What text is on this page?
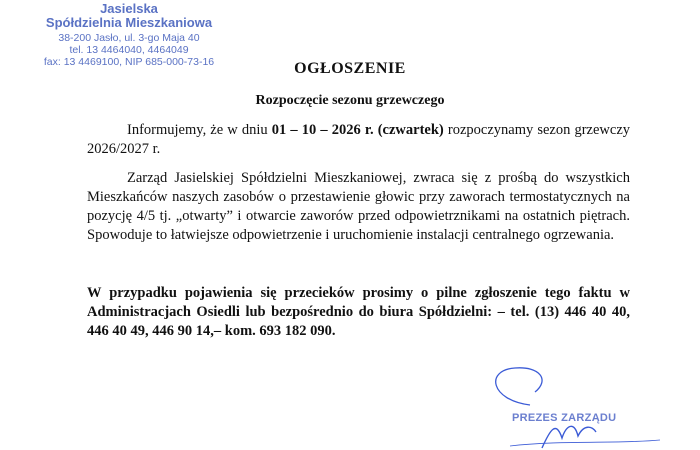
Jasielska
Spółdzielnia Mieszkaniowa
38-200 Jasło, ul. 3-go Maja 40
tel. 13 4464040, 4464049
fax: 13 4469100, NIP 685-000-73-16	OGŁOSZENIE
Rozpoczęcie sezonu grzewczego
Informujemy, że w dniu 01 – 10 – 2026 r. (czwartek) rozpoczynamy sezon grzewczy 2026/2027 r.
Zarząd Jasielskiej Spółdzielni Mieszkaniowej, zwraca się z prośbą do wszystkich Mieszkańców naszych zasobów o przestawienie głowic przy zaworach termostatycznych na pozycję 4/5 tj. „otwarty” i otwarcie zaworów przed odpowietrznikami na ostatnich piętrach. Spowoduje to łatwiejsze odpowietrzenie i uruchomienie instalacji centralnego ogrzewania.
W przypadku pojawienia się przecieków prosimy o pilne zgłoszenie tego faktu w Administracjach Osiedli lub bezpośrednio do biura Spółdzielni: – tel. (13) 446 40 40, 446 40 49, 446 90 14,– kom. 693 182 090.
PREZES ZARZĄDU
